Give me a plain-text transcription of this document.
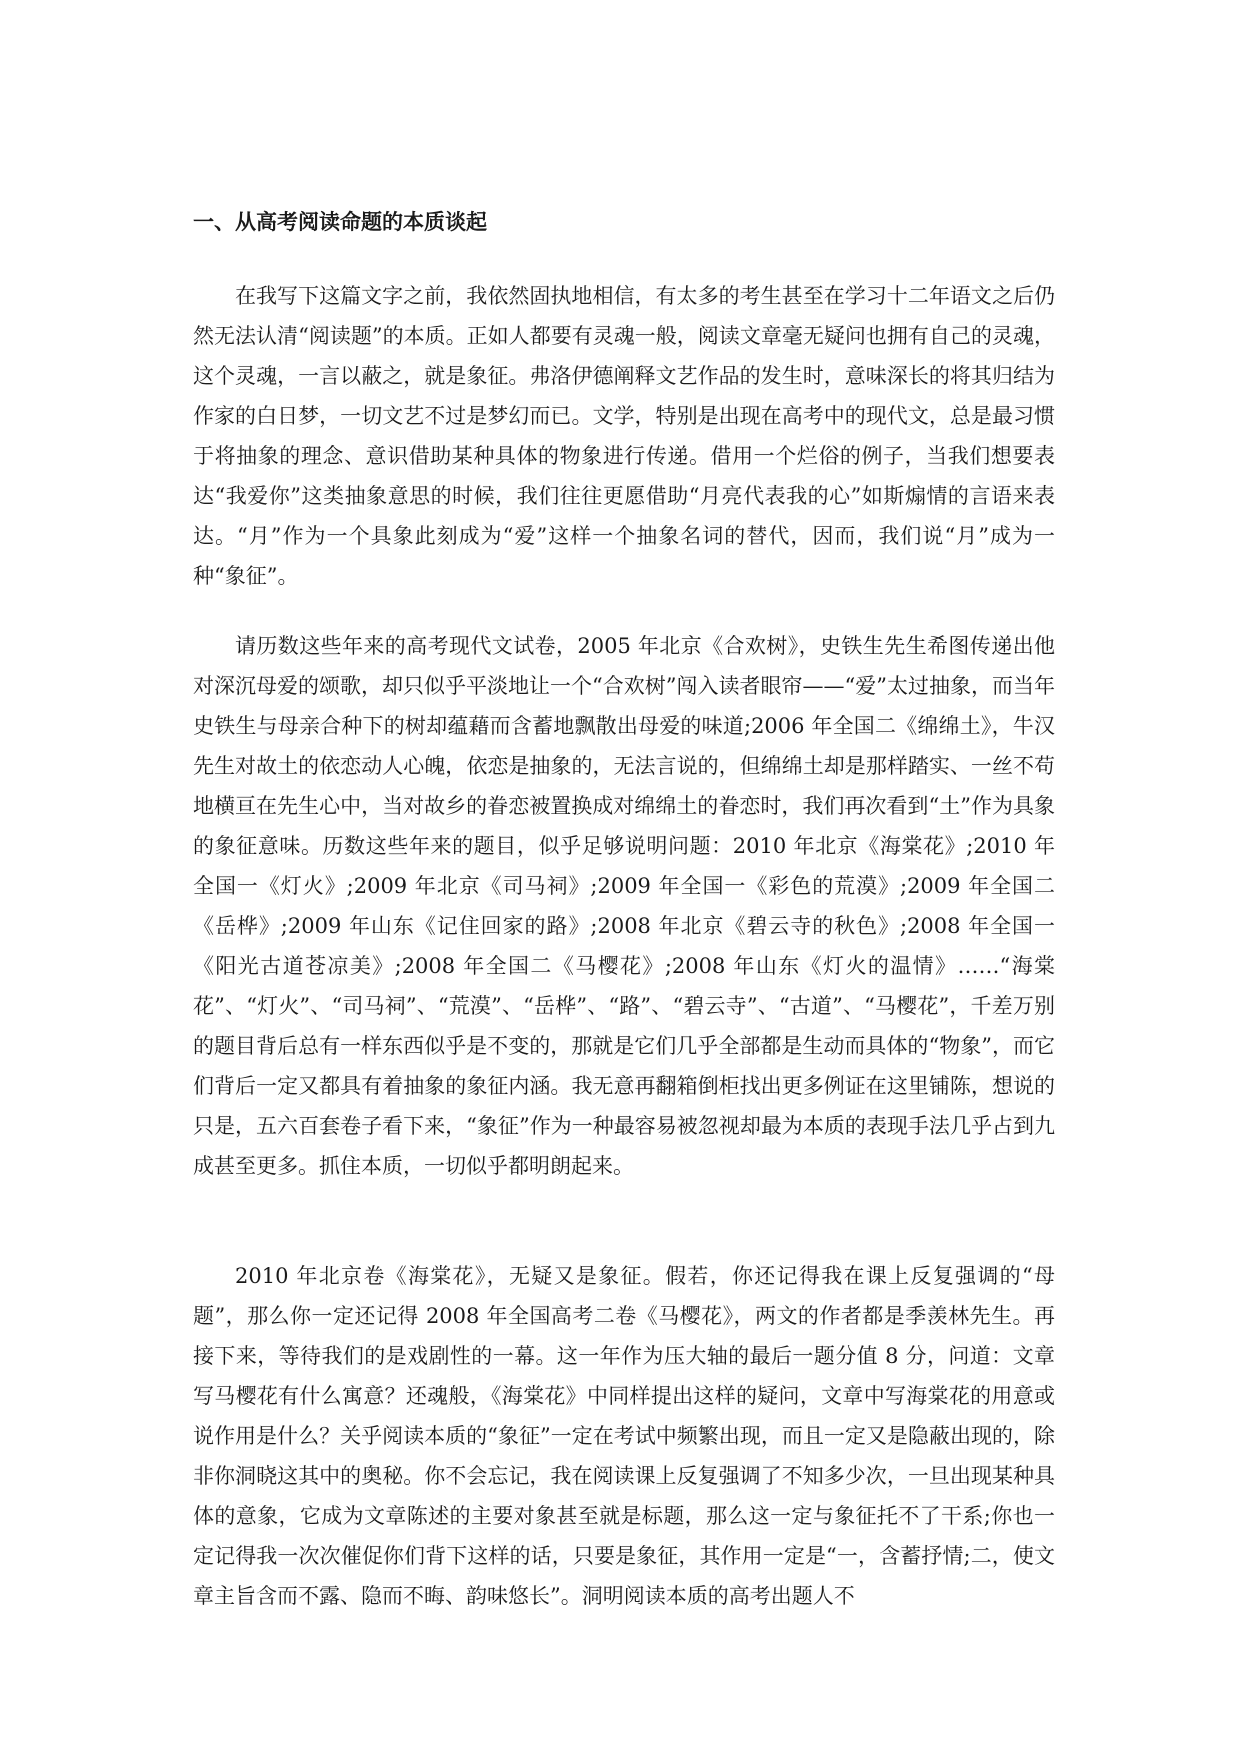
一、从高考阅读命题的本质谈起

在我写下这篇文字之前，我依然固执地相信，有太多的考生甚至在学习十二年语文之后仍然无法认清“阅读题”的本质。正如人都要有灵魂一般，阅读文章毫无疑问也拥有自己的灵魂，这个灵魂，一言以蔽之，就是象征。弗洛伊德阐释文艺作品的发生时，意味深长的将其归结为作家的白日梦，一切文艺不过是梦幻而已。文学，特别是出现在高考中的现代文，总是最习惯于将抽象的理念、意识借助某种具体的物象进行传递。借用一个烂俗的例子，当我们想要表达“我爱你”这类抽象意思的时候，我们往往更愿借助“月亮代表我的心”如斯煽情的言语来表达。“月”作为一个具象此刻成为“爱”这样一个抽象名词的替代，因而，我们说“月”成为一种“象征”。

请历数这些年来的高考现代文试卷，2005 年北京《合欢树》，史铁生先生希图传递出他对深沉母爱的颂歌，却只似乎平淡地让一个“合欢树”闯入读者眼帘——“爱”太过抽象，而当年史铁生与母亲合种下的树却蕴藉而含蓄地飘散出母爱的味道;2006 年全国二《绵绵土》，牛汉先生对故土的依恋动人心魄，依恋是抽象的，无法言说的，但绵绵土却是那样踏实、一丝不苟地横亘在先生心中，当对故乡的眷恋被置换成对绵绵土的眷恋时，我们再次看到“土”作为具象的象征意味。历数这些年来的题目，似乎足够说明问题：2010 年北京《海棠花》;2010 年全国一《灯火》;2009 年北京《司马祠》;2009 年全国一《彩色的荒漠》;2009 年全国二《岳桦》;2009 年山东《记住回家的路》;2008 年北京《碧云寺的秋色》;2008 年全国一《阳光古道苍凉美》;2008 年全国二《马樱花》;2008 年山东《灯火的温情》……“海棠花”、“灯火”、“司马祠”、“荒漠”、“岳桦”、“路”、“碧云寺”、“古道”、“马樱花”，千差万别的题目背后总有一样东西似乎是不变的，那就是它们几乎全部都是生动而具体的“物象”，而它们背后一定又都具有着抽象的象征内涵。我无意再翻箱倒柜找出更多例证在这里铺陈，想说的只是，五六百套卷子看下来，“象征”作为一种最容易被忽视却最为本质的表现手法几乎占到九成甚至更多。抓住本质，一切似乎都明朗起来。

2010 年北京卷《海棠花》，无疑又是象征。假若，你还记得我在课上反复强调的“母题”，那么你一定还记得 2008 年全国高考二卷《马樱花》，两文的作者都是季羡林先生。再接下来，等待我们的是戏剧性的一幕。这一年作为压大轴的最后一题分值 8 分，问道：文章写马樱花有什么寓意？还魂般，《海棠花》中同样提出这样的疑问，文章中写海棠花的用意或说作用是什么？关乎阅读本质的“象征”一定在考试中频繁出现，而且一定又是隐蔽出现的，除非你洞晓这其中的奥秘。你不会忘记，我在阅读课上反复强调了不知多少次，一旦出现某种具体的意象，它成为文章陈述的主要对象甚至就是标题，那么这一定与象征托不了干系;你也一定记得我一次次催促你们背下这样的话，只要是象征，其作用一定是“一，含蓄抒情;二，使文章主旨含而不露、隐而不晦、韵味悠长”。洞明阅读本质的高考出题人不
